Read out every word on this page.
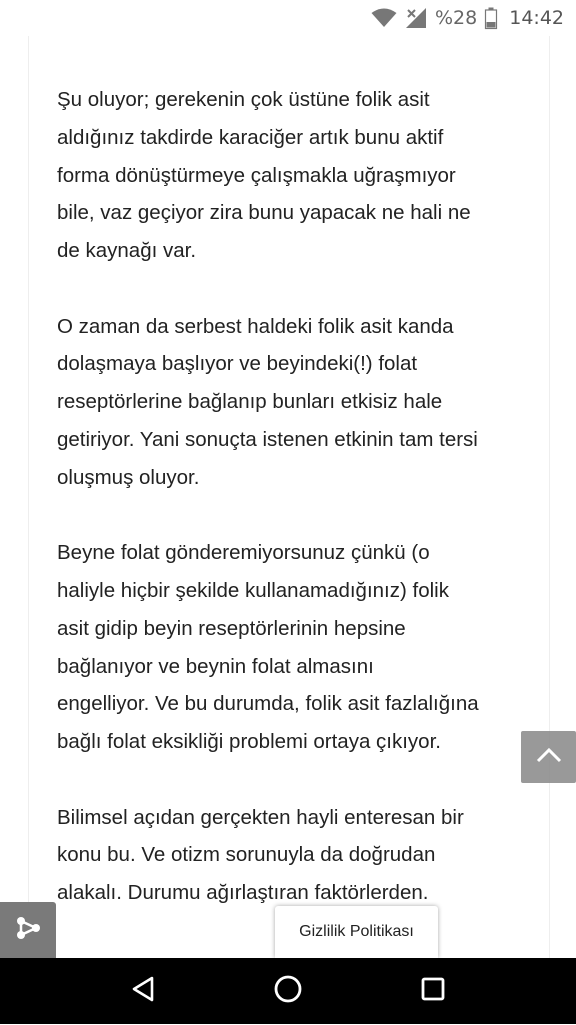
%28 14:42

Şu oluyor; gerekenin çok üstüne folik asit
aldığınız takdirde karaciğer artık bunu aktif
forma dönüştürmeye çalışmakla uğraşmıyor
bile, vaz geçiyor zira bunu yapacak ne hali ne
de kaynağı var.

O zaman da serbest haldeki folik asit kanda
dolaşmaya başlıyor ve beyindeki(!) folat
reseptörlerine bağlanıp bunları etkisiz hale
getiriyor. Yani sonuçta istenen etkinin tam tersi
oluşmuş oluyor.

Beyne folat gönderemiyorsunuz çünkü (o
haliyle hiçbir şekilde kullanamadığınız) folik
asit gidip beyin reseptörlerinin hepsine
bağlanıyor ve beynin folat almasını
engelliyor. Ve bu durumda, folik asit fazlalığına
bağlı folat eksikliği problemi ortaya çıkıyor.

Bilimsel açıdan gerçekten hayli enteresan bir
konu bu. Ve otizm sorunuyla da doğrudan
alakalı. Durumu ağırlaştıran faktörlerden.

Gizlilik Politikası
